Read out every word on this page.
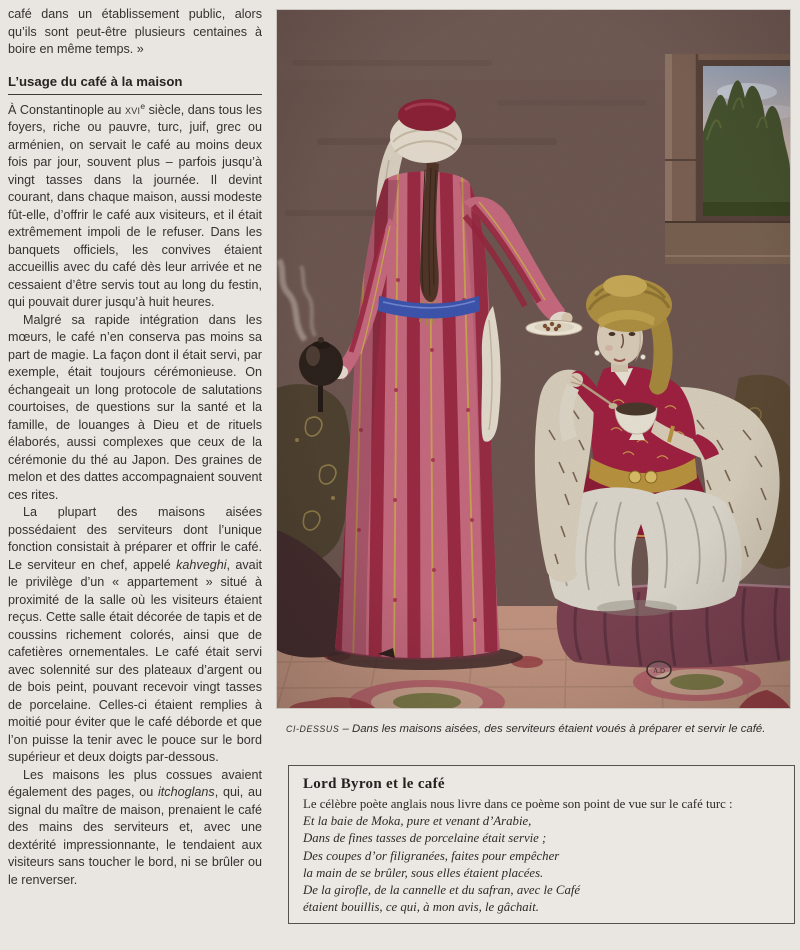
café dans un établissement public, alors qu’ils sont peut-être plusieurs centaines à boire en même temps. »

L’usage du café à la maison

À Constantinople au xvi$^e$ siècle, dans tous les foyers, riche ou pauvre, turc, juif, grec ou arménien, on servait le café au moins deux fois par jour, souvent plus – parfois jusqu’à vingt tasses dans la journée. Il devint courant, dans chaque maison, aussi modeste fût-elle, d’offrir le café aux visiteurs, et il était extrêmement impoli de le refuser. Dans les banquets officiels, les convives étaient accueillis avec du café dès leur arrivée et ne cessaient d’être servis tout au long du festin, qui pouvait durer jusqu’à huit heures.

Malgré sa rapide intégration dans les mœurs, le café n’en conserva pas moins sa part de magie. La façon dont il était servi, par exemple, était toujours cérémonieuse. On échangeait un long protocole de salutations courtoises, de questions sur la santé et la famille, de louanges à Dieu et de rituels élaborés, aussi complexes que ceux de la cérémonie du thé au Japon. Des graines de melon et des dattes accompagnaient souvent ces rites.

La plupart des maisons aisées possédaient des serviteurs dont l’unique fonction consistait à préparer et offrir le café. Le serviteur en chef, appelé kahveghi, avait le privilège d’un « appartement » situé à proximité de la salle où les visiteurs étaient reçus. Cette salle était décorée de tapis et de coussins richement colorés, ainsi que de cafetières ornementales. Le café était servi avec solennité sur des plateaux d’argent ou de bois peint, pouvant recevoir vingt tasses de porcelaine. Celles-ci étaient remplies à moitié pour éviter que le café déborde et que l’on puisse la tenir avec le pouce sur le bord supérieur et deux doigts par-dessous.

Les maisons les plus cossues avaient également des pages, ou itchoglans, qui, au signal du maître de maison, prenaient le café des mains des serviteurs et, avec une dextérité impressionnante, le tendaient aux visiteurs sans toucher le bord, ni se brûler ou le renverser.

CI-DESSUS – Dans les maisons aisées, des serviteurs étaient voués à préparer et servir le café.

Lord Byron et le café

Le célèbre poète anglais nous livre dans ce poème son point de vue sur le café turc :

Et la baie de Moka, pure et venant d’Arabie,

Dans de fines tasses de porcelaine était servie ;

Des coupes d’or filigranées, faites pour empêcher

la main de se brûler, sous elles étaient placées.

De la girofle, de la cannelle et du safran, avec le Café

étaient bouillis, ce qui, à mon avis, le gâchait.
